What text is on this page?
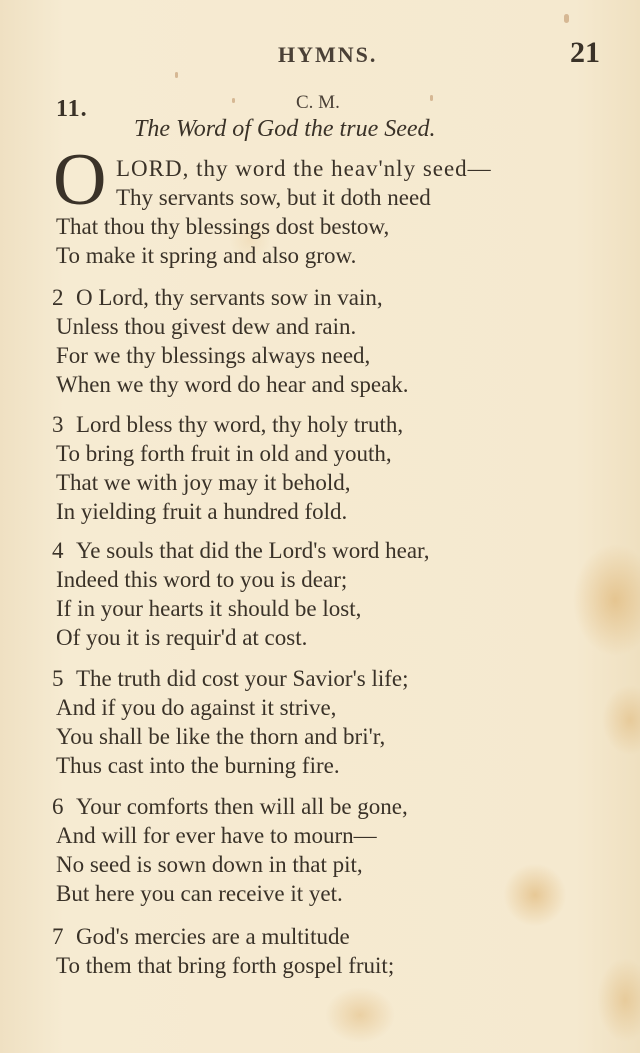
HYMNS.	21
11.	C. M.
The Word of God the true Seed.
O LORD, thy word the heav'nly seed—
Thy servants sow, but it doth need
That thou thy blessings dost bestow,
To make it spring and also grow.
2 O Lord, thy servants sow in vain,
Unless thou givest dew and rain.
For we thy blessings always need,
When we thy word do hear and speak.
3 Lord bless thy word, thy holy truth,
To bring forth fruit in old and youth,
That we with joy may it behold,
In yielding fruit a hundred fold.
4 Ye souls that did the Lord's word hear,
Indeed this word to you is dear;
If in your hearts it should be lost,
Of you it is requir'd at cost.
5 The truth did cost your Savior's life;
And if you do against it strive,
You shall be like the thorn and bri'r,
Thus cast into the burning fire.
6 Your comforts then will all be gone,
And will for ever have to mourn—
No seed is sown down in that pit,
But here you can receive it yet.
7 God's mercies are a multitude
To them that bring forth gospel fruit;
